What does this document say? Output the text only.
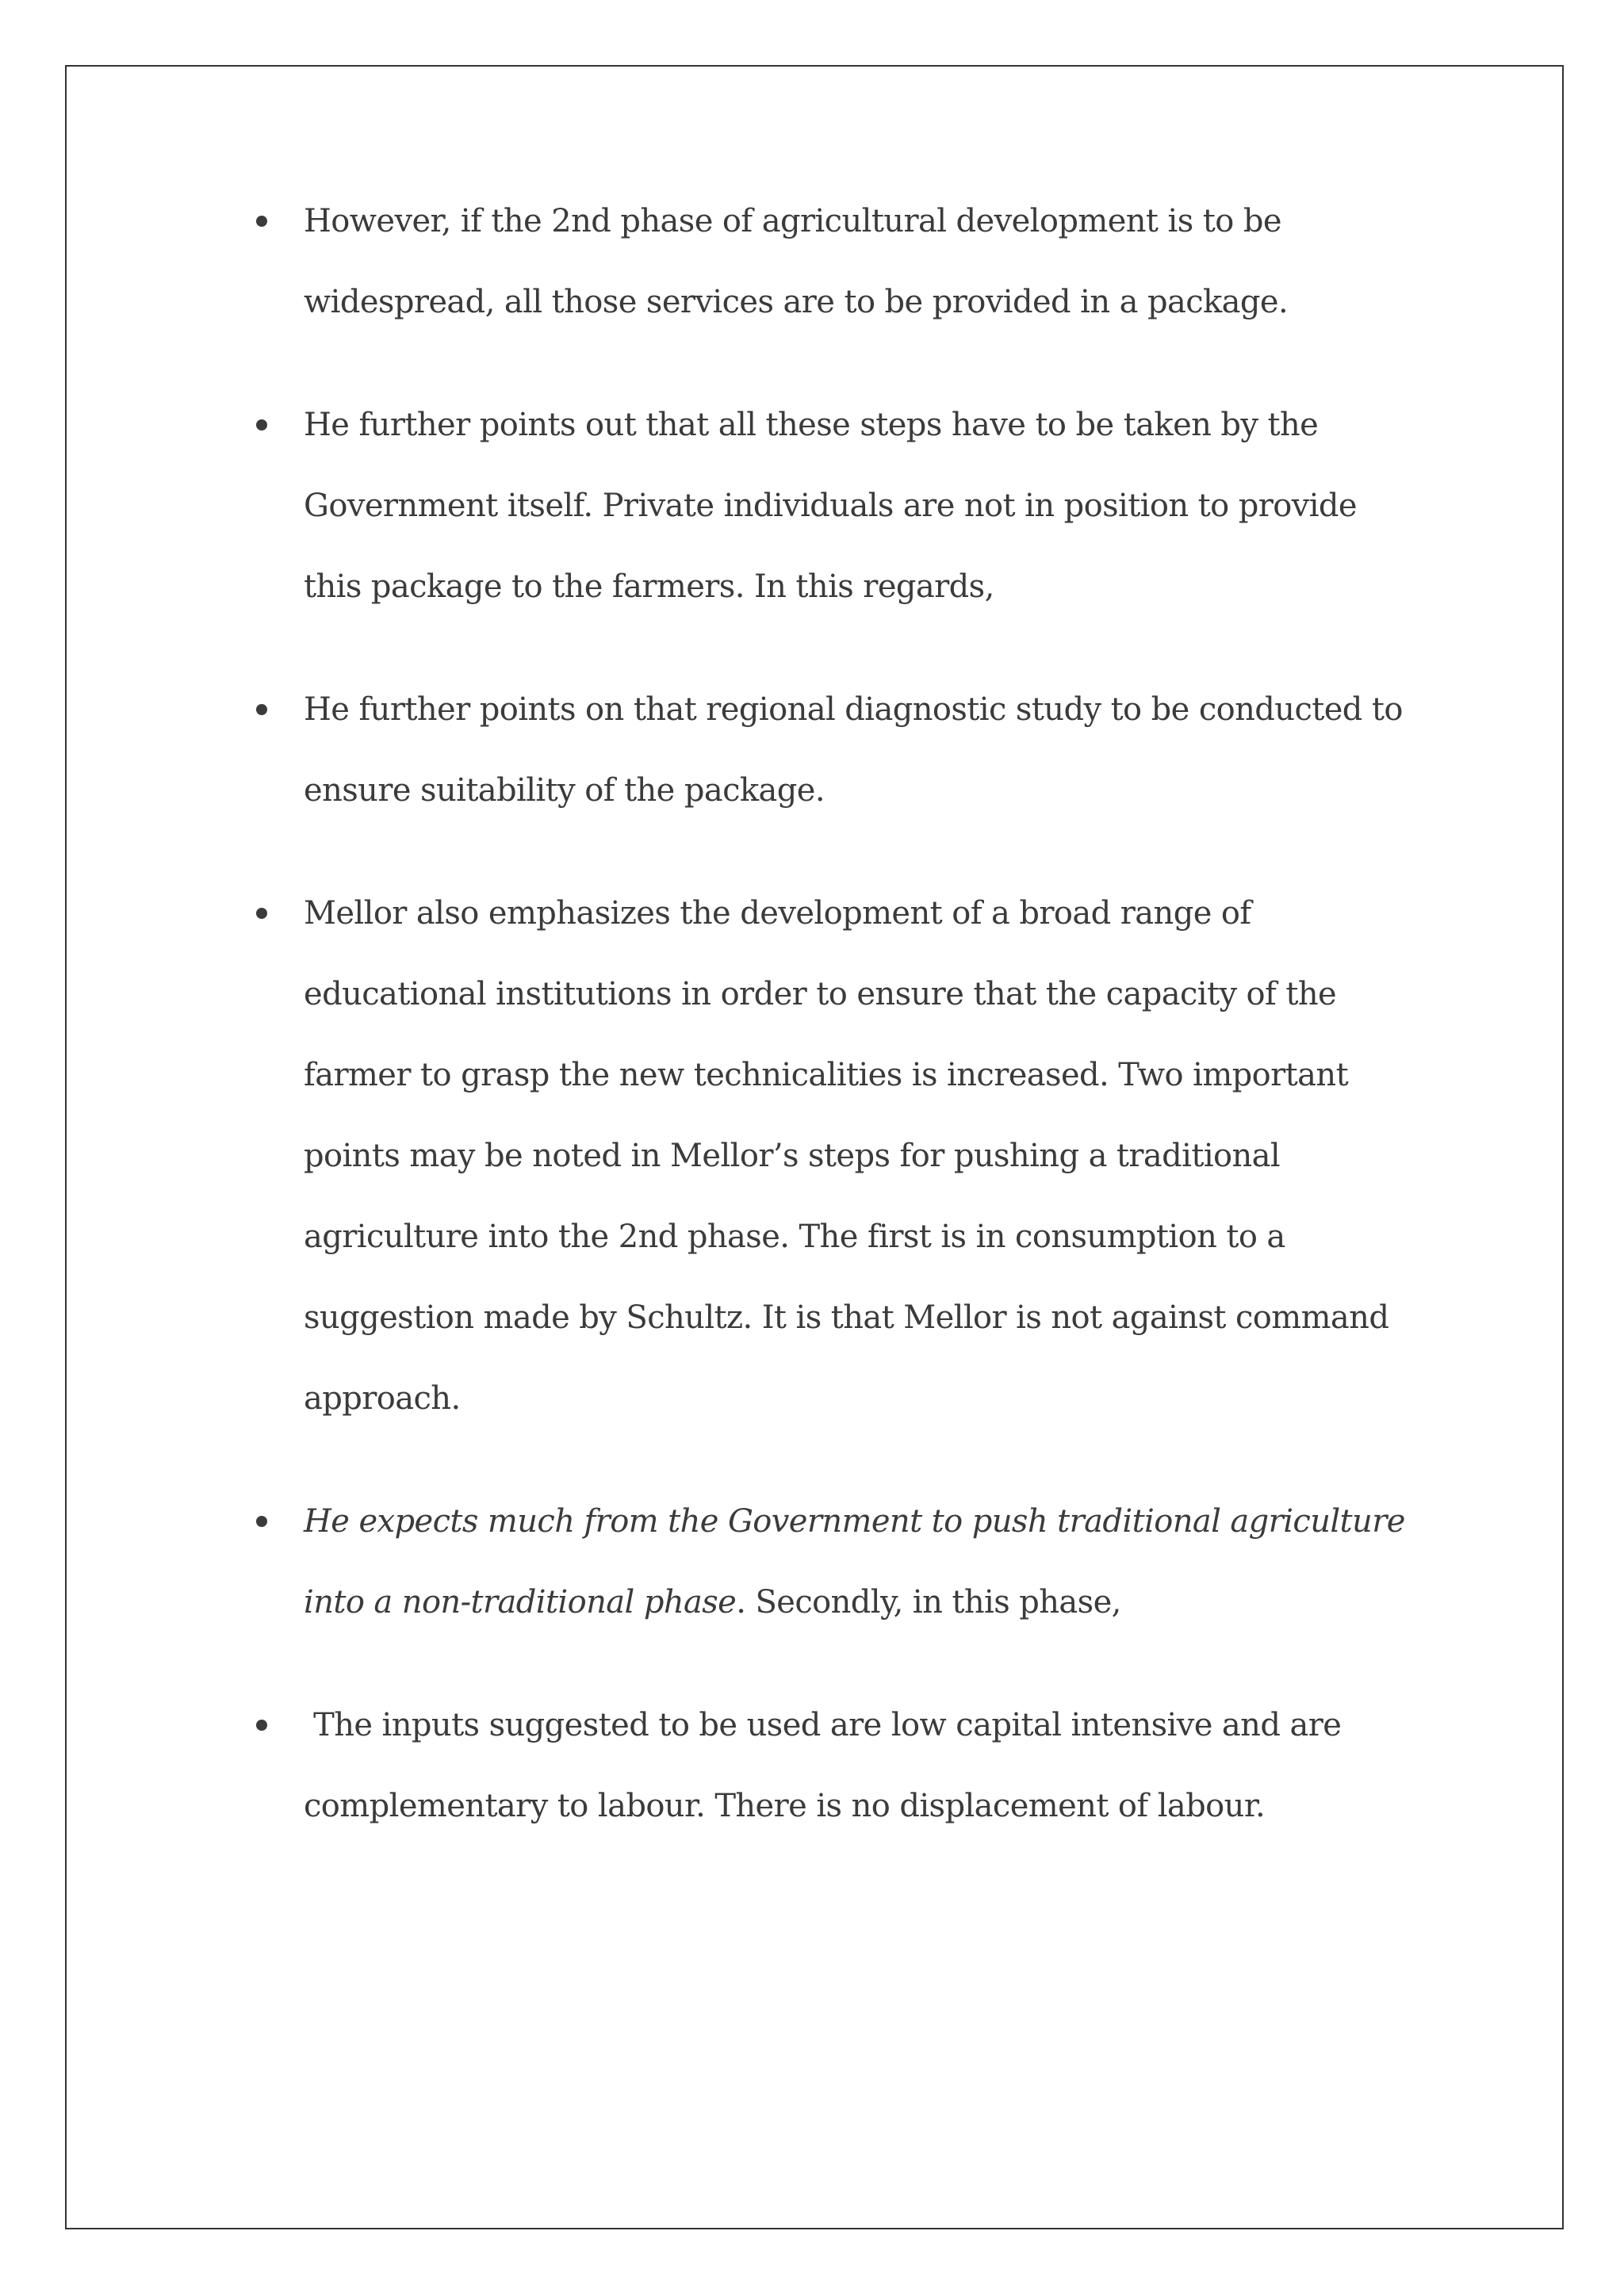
However, if the 2nd phase of agricultural development is to be
widespread, all those services are to be provided in a package.
He further points out that all these steps have to be taken by the
Government itself. Private individuals are not in position to provide
this package to the farmers. In this regards,
He further points on that regional diagnostic study to be conducted to
ensure suitability of the package.
Mellor also emphasizes the development of a broad range of
educational institutions in order to ensure that the capacity of the
farmer to grasp the new technicalities is increased. Two important
points may be noted in Mellor’s steps for pushing a traditional
agriculture into the 2nd phase. The first is in consumption to a
suggestion made by Schultz. It is that Mellor is not against command
approach.
He expects much from the Government to push traditional agriculture
into a non-traditional phase. Secondly, in this phase,
The inputs suggested to be used are low capital intensive and are
complementary to labour. There is no displacement of labour.
